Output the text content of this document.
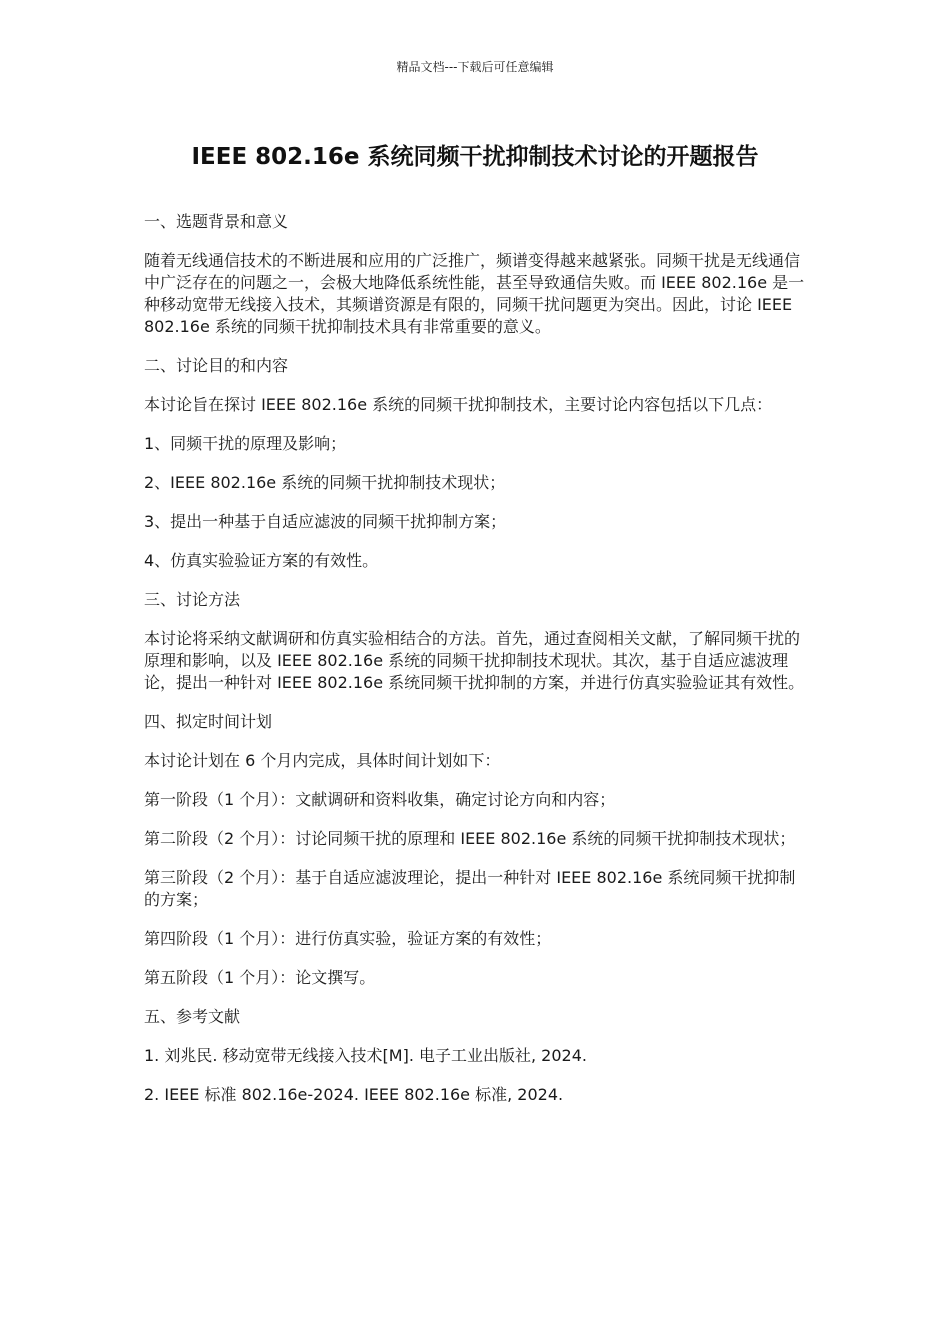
精品文档---下载后可任意编辑
IEEE 802.16e 系统同频干扰抑制技术讨论的开题报告

一、选题背景和意义

随着无线通信技术的不断进展和应用的广泛推广，频谱变得越来越紧张。同频干扰是无线通信中广泛存在的问题之一，会极大地降低系统性能，甚至导致通信失败。而 IEEE 802.16e 是一种移动宽带无线接入技术，其频谱资源是有限的，同频干扰问题更为突出。因此，讨论 IEEE 802.16e 系统的同频干扰抑制技术具有非常重要的意义。

二、讨论目的和内容

本讨论旨在探讨 IEEE 802.16e 系统的同频干扰抑制技术，主要讨论内容包括以下几点：

1、同频干扰的原理及影响；

2、IEEE 802.16e 系统的同频干扰抑制技术现状；

3、提出一种基于自适应滤波的同频干扰抑制方案；

4、仿真实验验证方案的有效性。

三、讨论方法

本讨论将采纳文献调研和仿真实验相结合的方法。首先，通过查阅相关文献，了解同频干扰的原理和影响，以及 IEEE 802.16e 系统的同频干扰抑制技术现状。其次，基于自适应滤波理论，提出一种针对 IEEE 802.16e 系统同频干扰抑制的方案，并进行仿真实验验证其有效性。

四、拟定时间计划

本讨论计划在 6 个月内完成，具体时间计划如下：

第一阶段（1 个月）：文献调研和资料收集，确定讨论方向和内容；

第二阶段（2 个月）：讨论同频干扰的原理和 IEEE 802.16e 系统的同频干扰抑制技术现状；

第三阶段（2 个月）：基于自适应滤波理论，提出一种针对 IEEE 802.16e 系统同频干扰抑制的方案；

第四阶段（1 个月）：进行仿真实验，验证方案的有效性；

第五阶段（1 个月）：论文撰写。

五、参考文献

1. 刘兆民. 移动宽带无线接入技术[M]. 电子工业出版社, 2024.

2. IEEE 标准 802.16e-2024. IEEE 802.16e 标准, 2024.
